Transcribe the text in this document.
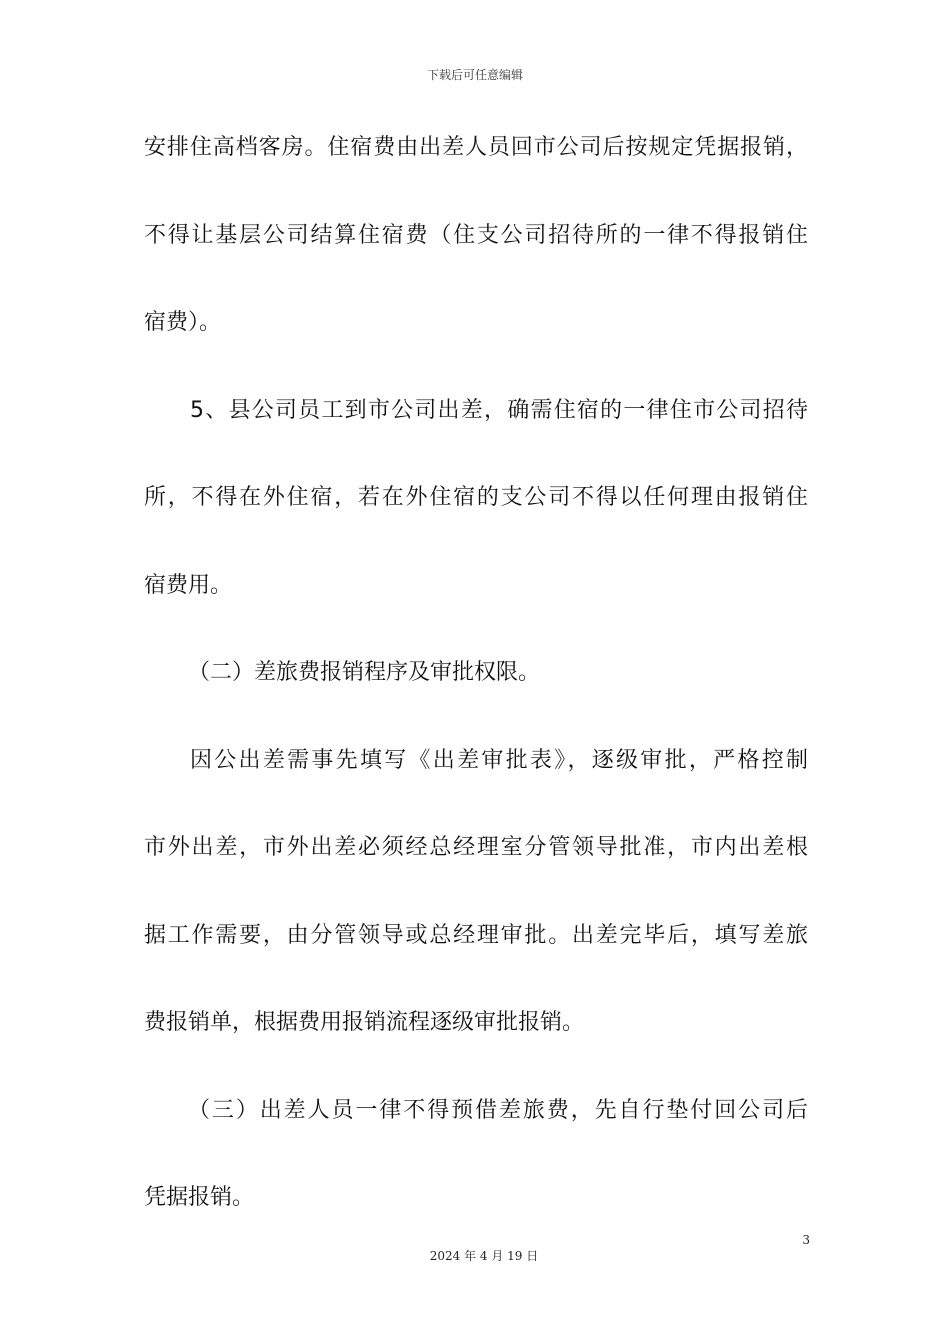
下载后可任意编辑

安排住高档客房。住宿费由出差人员回市公司后按规定凭据报销，

不得让基层公司结算住宿费（住支公司招待所的一律不得报销住

宿费）。

5、县公司员工到市公司出差，确需住宿的一律住市公司招待

所，不得在外住宿，若在外住宿的支公司不得以任何理由报销住

宿费用。

（二）差旅费报销程序及审批权限。

因公出差需事先填写《出差审批表》，逐级审批，严格控制

市外出差，市外出差必须经总经理室分管领导批准，市内出差根

据工作需要，由分管领导或总经理审批。出差完毕后，填写差旅

费报销单，根据费用报销流程逐级审批报销。

（三）出差人员一律不得预借差旅费，先自行垫付回公司后

凭据报销。

3
2024 年 4 月 19 日
